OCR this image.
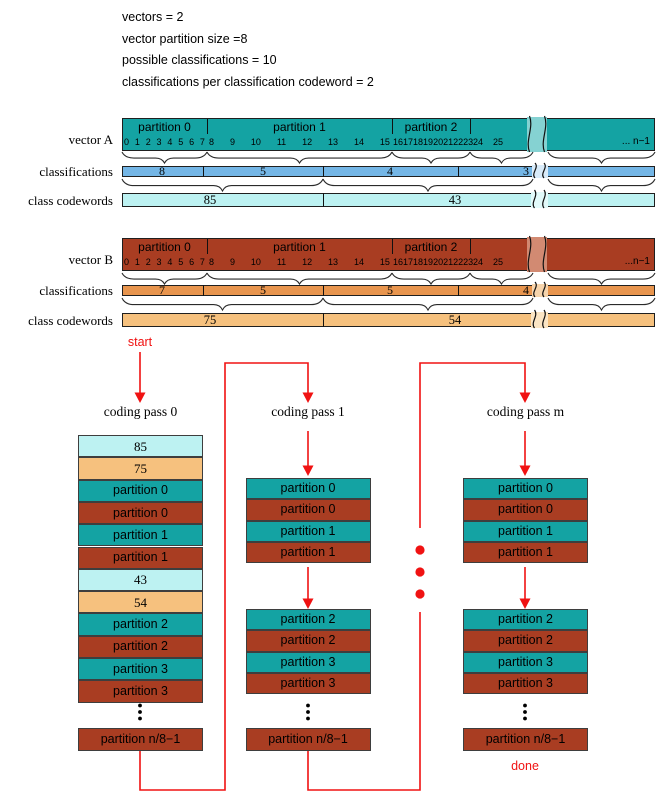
start
done
vectors = 2
vector partition size =8
possible classifications = 10
classifications per classification codeword = 2
vector A
classifications
class codewords
partition 0	partition 1	partition 2
0 1 2 3 4 5 6 7 8 9 10 11 12 13 14 15 16 17 18 19 20 21 22 23 24 25	... n−1
8	5	4	3
85	43
vector B
classifications
class codewords
partition 0	partition 1	partition 2
0 1 2 3 4 5 6 7 8 9 10 11 12 13 14 15 16 17 18 19 20 21 22 23 24 25	...n−1
7	5	5	4
75	54
coding pass 0
85
75
partition 0
partition 0
partition 1
partition 1
43
54
partition 2
partition 2
partition 3
partition 3
partition n/8−1
coding pass 1
partition 0
partition 0
partition 1
partition 1
partition 2
partition 2
partition 3
partition 3
partition n/8−1
coding pass m
partition 0
partition 0
partition 1
partition 1
partition 2
partition 2
partition 3
partition 3
partition n/8−1
